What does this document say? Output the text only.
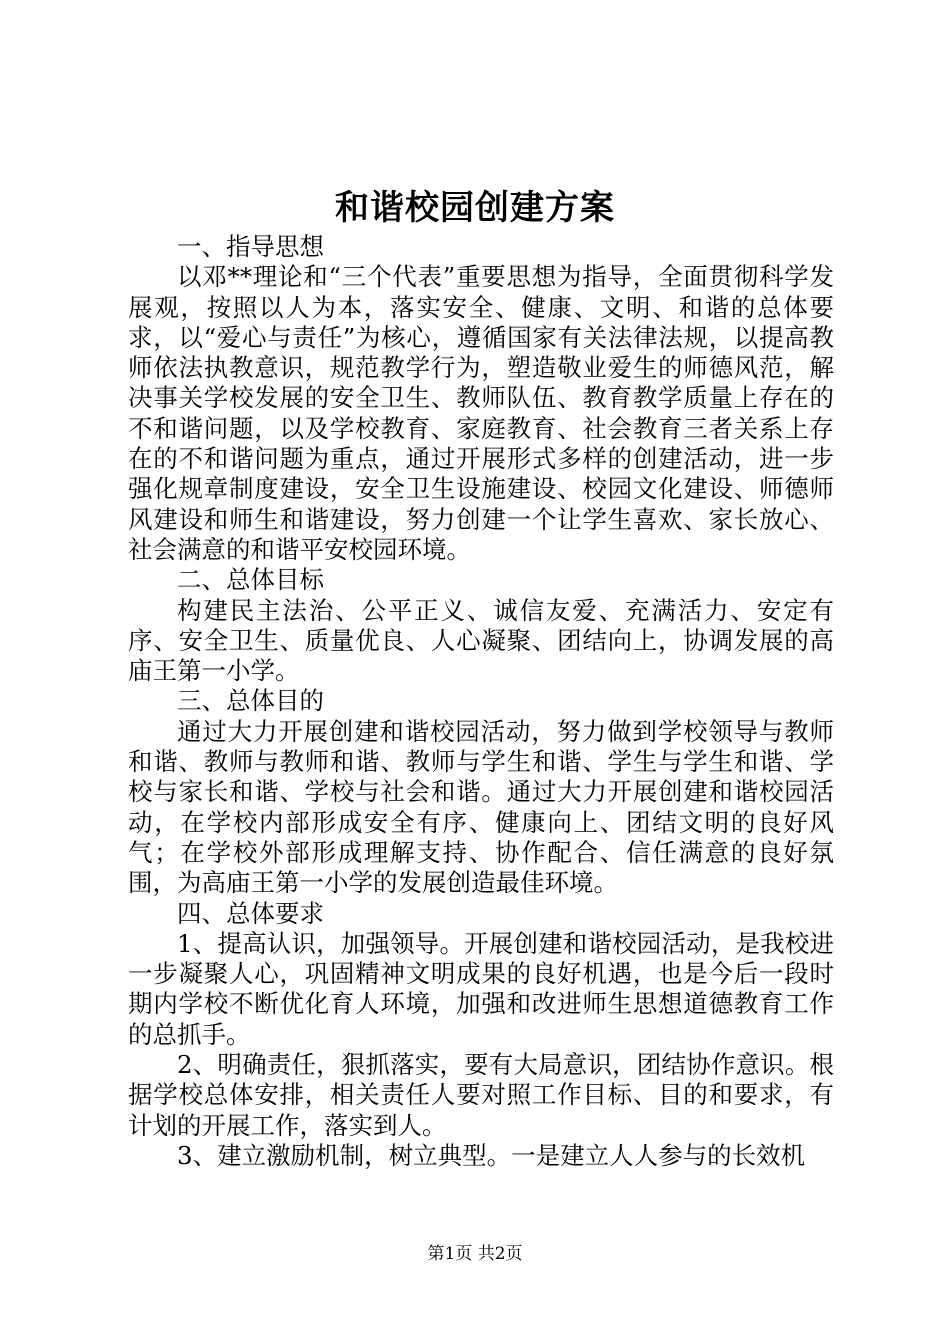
和谐校园创建方案

一、指导思想

以邓**理论和“三个代表”重要思想为指导，全面贯彻科学发展观，按照以人为本，落实安全、健康、文明、和谐的总体要求，以“爱心与责任”为核心，遵循国家有关法律法规，以提高教师依法执教意识，规范教学行为，塑造敬业爱生的师德风范，解决事关学校发展的安全卫生、教师队伍、教育教学质量上存在的不和谐问题，以及学校教育、家庭教育、社会教育三者关系上存在的不和谐问题为重点，通过开展形式多样的创建活动，进一步强化规章制度建设，安全卫生设施建设、校园文化建设、师德师风建设和师生和谐建设，努力创建一个让学生喜欢、家长放心、社会满意的和谐平安校园环境。

二、总体目标

构建民主法治、公平正义、诚信友爱、充满活力、安定有序、安全卫生、质量优良、人心凝聚、团结向上，协调发展的高庙王第一小学。

三、总体目的

通过大力开展创建和谐校园活动，努力做到学校领导与教师和谐、教师与教师和谐、教师与学生和谐、学生与学生和谐、学校与家长和谐、学校与社会和谐。通过大力开展创建和谐校园活动，在学校内部形成安全有序、健康向上、团结文明的良好风气；在学校外部形成理解支持、协作配合、信任满意的良好氛围，为高庙王第一小学的发展创造最佳环境。

四、总体要求

1、提高认识，加强领导。开展创建和谐校园活动，是我校进一步凝聚人心，巩固精神文明成果的良好机遇，也是今后一段时期内学校不断优化育人环境，加强和改进师生思想道德教育工作的总抓手。

2、明确责任，狠抓落实，要有大局意识，团结协作意识。根据学校总体安排，相关责任人要对照工作目标、目的和要求，有计划的开展工作，落实到人。

3、建立激励机制，树立典型。一是建立人人参与的长效机

第1页 共2页
